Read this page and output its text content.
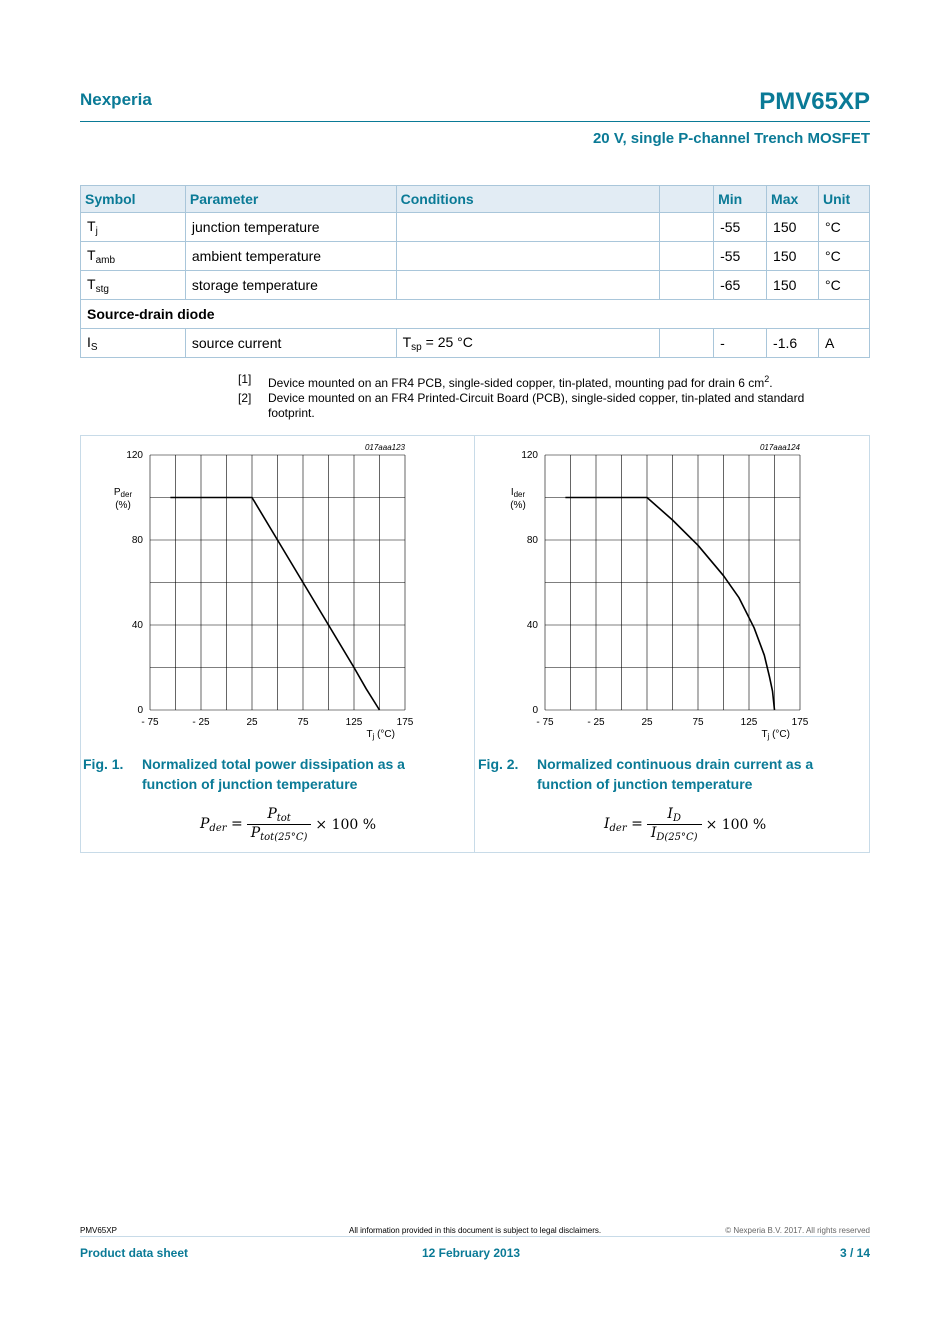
Nexperia	PMV65XP
20 V, single P-channel Trench MOSFET
Symbol	Parameter	Conditions		Min	Max	Unit
$T_j$	junction temperature			-55	150	°C
$T_{amb}$	ambient temperature			-55	150	°C
$T_{stg}$	storage temperature			-65	150	°C
Source-drain diode						
$I_S$	source current	$T_{sp} = 25$ °C		-	-1.6	A
[1]	Device mounted on an FR4 PCB, single-sided copper, tin-plated, mounting pad for drain 6 $cm^2$.
[2]	Device mounted on an FR4 Printed-Circuit Board (PCB), single-sided copper, tin-plated and standard footprint.
017aaa123
- 75	- 25	25	75	125	175
0
40
80
120
$P_{der}$
(%)
$T_j$ (°C)
017aaa124
- 75	- 25	25	75	125	175
0
40
80
120
$I_{der}$
(%)
$T_j$ (°C)
Fig. 1. Normalized total power dissipation as a
function of junction temperature
Fig. 2. Normalized continuous drain current as a
function of junction temperature
$P_{der}$ =	
$P_{tot}$
$P_{tot(25^\circ C)}$
	× 100 %	$I_{der}$ =	
$I_D$
$I_{D(25^\circ C)}$
	× 100 %
PMV65XP	All information provided in this document is subject to legal disclaimers.	© Nexperia B.V. 2017. All rights reserved
Product data sheet	12 February 2013	3 / 14
